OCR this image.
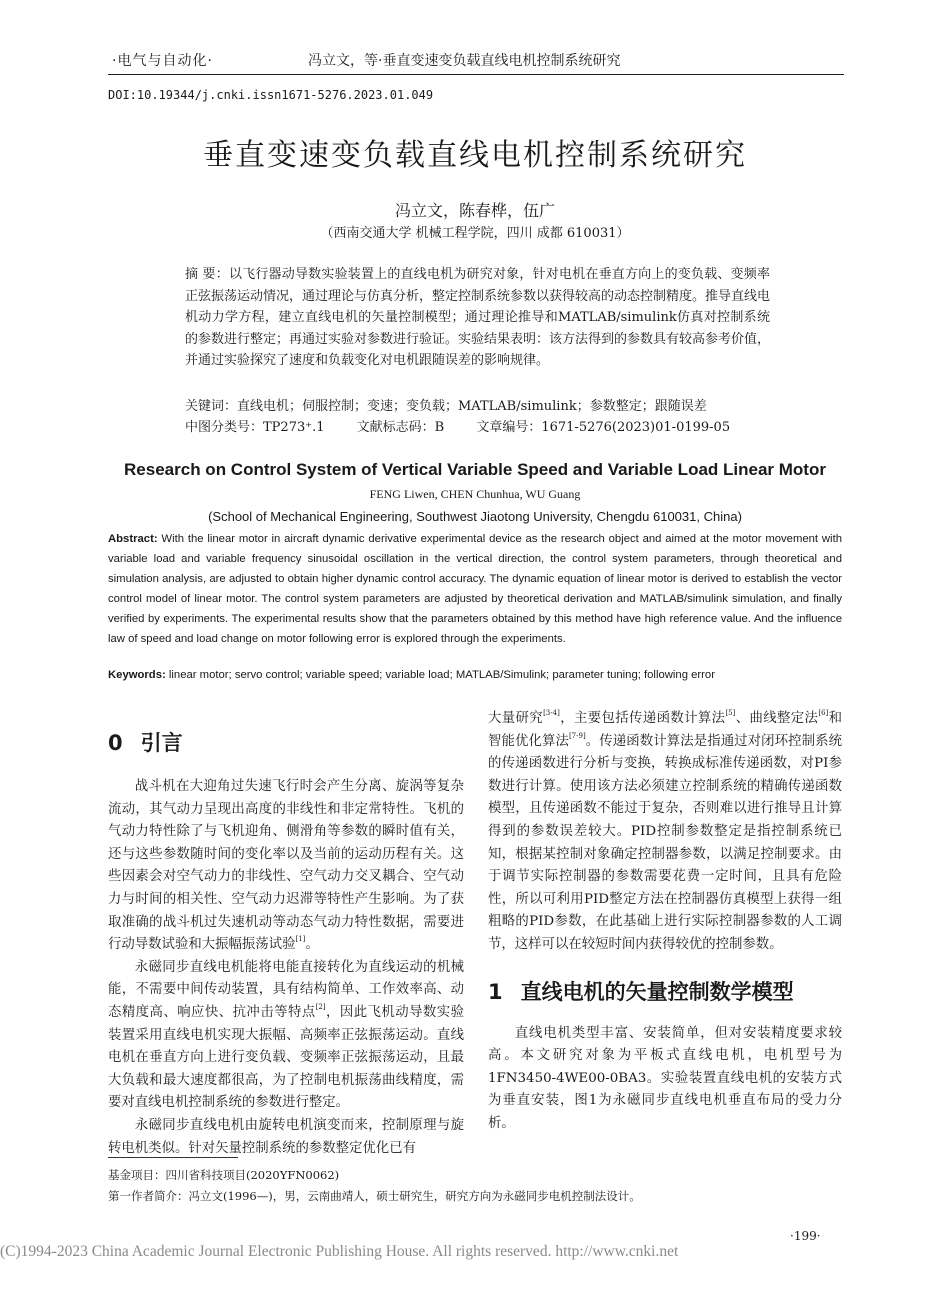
·电气与自动化·	冯立文，等·垂直变速变负载直线电机控制系统研究
DOI:10.19344/j.cnki.issn1671-5276.2023.01.049
垂直变速变负载直线电机控制系统研究
冯立文，陈春桦，伍广
（西南交通大学 机械工程学院，四川 成都 610031）
摘 要：以飞行器动导数实验装置上的直线电机为研究对象，针对电机在垂直方向上的变负载、变频率正弦振荡运动情况，通过理论与仿真分析，整定控制系统参数以获得较高的动态控制精度。推导直线电机动力学方程，建立直线电机的矢量控制模型；通过理论推导和MATLAB/simulink仿真对控制系统的参数进行整定；再通过实验对参数进行验证。实验结果表明：该方法得到的参数具有较高参考价值，并通过实验探究了速度和负载变化对电机跟随误差的影响规律。
关键词：直线电机；伺服控制；变速；变负载；MATLAB/simulink；参数整定；跟随误差
中图分类号：TP273⁺.1 文献标志码：B 文章编号：1671-5276(2023)01-0199-05
Research on Control System of Vertical Variable Speed and Variable Load Linear Motor
FENG Liwen, CHEN Chunhua, WU Guang
(School of Mechanical Engineering, Southwest Jiaotong University, Chengdu 610031, China)
Abstract: With the linear motor in aircraft dynamic derivative experimental device as the research object and aimed at the motor movement with variable load and variable frequency sinusoidal oscillation in the vertical direction, the control system parameters, through theoretical and simulation analysis, are adjusted to obtain higher dynamic control accuracy. The dynamic equation of linear motor is derived to establish the vector control model of linear motor. The control system parameters are adjusted by theoretical derivation and MATLAB/simulink simulation, and finally verified by experiments. The experimental results show that the parameters obtained by this method have high reference value. And the influence law of speed and load change on motor following error is explored through the experiments.
Keywords: linear motor; servo control; variable speed; variable load; MATLAB/Simulink; parameter tuning; following error
0 引言

战斗机在大迎角过失速飞行时会产生分离、旋涡等复杂流动，其气动力呈现出高度的非线性和非定常特性。飞机的气动力特性除了与飞机迎角、侧滑角等参数的瞬时值有关，还与这些参数随时间的变化率以及当前的运动历程有关。这些因素会对空气动力的非线性、空气动力交叉耦合、空气动力与时间的相关性、空气动力迟滞等特性产生影响。为了获取准确的战斗机过失速机动等动态气动力特性数据，需要进行动导数试验和大振幅振荡试验[1]。

永磁同步直线电机能将电能直接转化为直线运动的机械能，不需要中间传动装置，具有结构简单、工作效率高、动态精度高、响应快、抗冲击等特点[2]，因此飞机动导数实验装置采用直线电机实现大振幅、高频率正弦振荡运动。直线电机在垂直方向上进行变负载、变频率正弦振荡运动，且最大负载和最大速度都很高，为了控制电机振荡曲线精度，需要对直线电机控制系统的参数进行整定。

永磁同步直线电机由旋转电机演变而来，控制原理与旋转电机类似。针对矢量控制系统的参数整定优化已有

大量研究[3-4]，主要包括传递函数计算法[5]、曲线整定法[6]和智能优化算法[7-9]。传递函数计算法是指通过对闭环控制系统的传递函数进行分析与变换，转换成标准传递函数，对PI参数进行计算。使用该方法必须建立控制系统的精确传递函数模型，且传递函数不能过于复杂，否则难以进行推导且计算得到的参数误差较大。PID控制参数整定是指控制系统已知，根据某控制对象确定控制器参数，以满足控制要求。由于调节实际控制器的参数需要花费一定时间，且具有危险性，所以可利用PID整定方法在控制器仿真模型上获得一组粗略的PID参数，在此基础上进行实际控制器参数的人工调节，这样可以在较短时间内获得较优的控制参数。

1 直线电机的矢量控制数学模型

直线电机类型丰富、安装简单，但对安装精度要求较高。本文研究对象为平板式直线电机，电机型号为1FN3450-4WE00-0BA3。实验装置直线电机的安装方式为垂直安装，图1为永磁同步直线电机垂直布局的受力分析。

基金项目：四川省科技项目(2020YFN0062)
第一作者简介：冯立文(1996—)，男，云南曲靖人，硕士研究生，研究方向为永磁同步电机控制法设计。
·199·
(C)1994-2023 China Academic Journal Electronic Publishing House. All rights reserved. http://www.cnki.net
